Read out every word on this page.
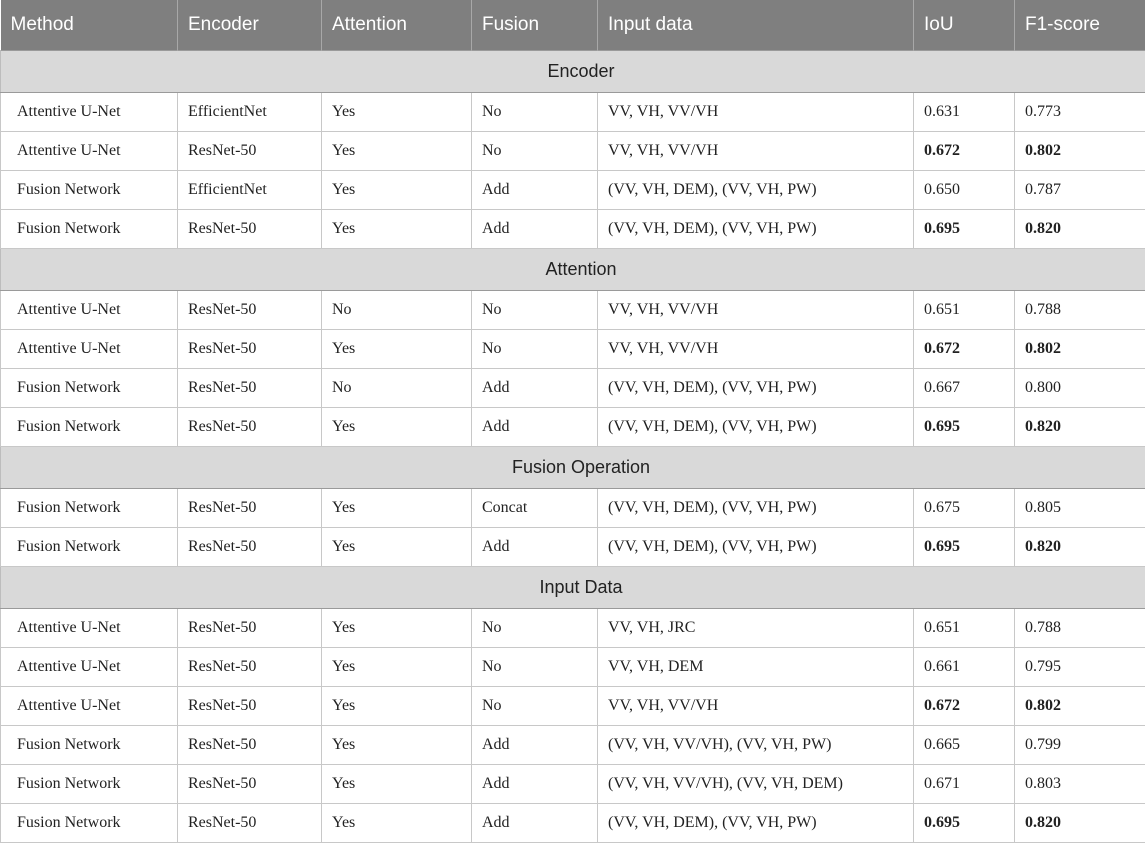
Method	Encoder	Attention	Fusion	Input data	IoU	F1-score
Encoder						
Attentive U-Net	EfficientNet	Yes	No	VV, VH, VV/VH	0.631	0.773
Attentive U-Net	ResNet-50	Yes	No	VV, VH, VV/VH	0.672	0.802
Fusion Network	EfficientNet	Yes	Add	(VV, VH, DEM), (VV, VH, PW)	0.650	0.787
Fusion Network	ResNet-50	Yes	Add	(VV, VH, DEM), (VV, VH, PW)	0.695	0.820
Attention						
Attentive U-Net	ResNet-50	No	No	VV, VH, VV/VH	0.651	0.788
Attentive U-Net	ResNet-50	Yes	No	VV, VH, VV/VH	0.672	0.802
Fusion Network	ResNet-50	No	Add	(VV, VH, DEM), (VV, VH, PW)	0.667	0.800
Fusion Network	ResNet-50	Yes	Add	(VV, VH, DEM), (VV, VH, PW)	0.695	0.820
Fusion Operation						
Fusion Network	ResNet-50	Yes	Concat	(VV, VH, DEM), (VV, VH, PW)	0.675	0.805
Fusion Network	ResNet-50	Yes	Add	(VV, VH, DEM), (VV, VH, PW)	0.695	0.820
Input Data						
Attentive U-Net	ResNet-50	Yes	No	VV, VH, JRC	0.651	0.788
Attentive U-Net	ResNet-50	Yes	No	VV, VH, DEM	0.661	0.795
Attentive U-Net	ResNet-50	Yes	No	VV, VH, VV/VH	0.672	0.802
Fusion Network	ResNet-50	Yes	Add	(VV, VH, VV/VH), (VV, VH, PW)	0.665	0.799
Fusion Network	ResNet-50	Yes	Add	(VV, VH, VV/VH), (VV, VH, DEM)	0.671	0.803
Fusion Network	ResNet-50	Yes	Add	(VV, VH, DEM), (VV, VH, PW)	0.695	0.820
